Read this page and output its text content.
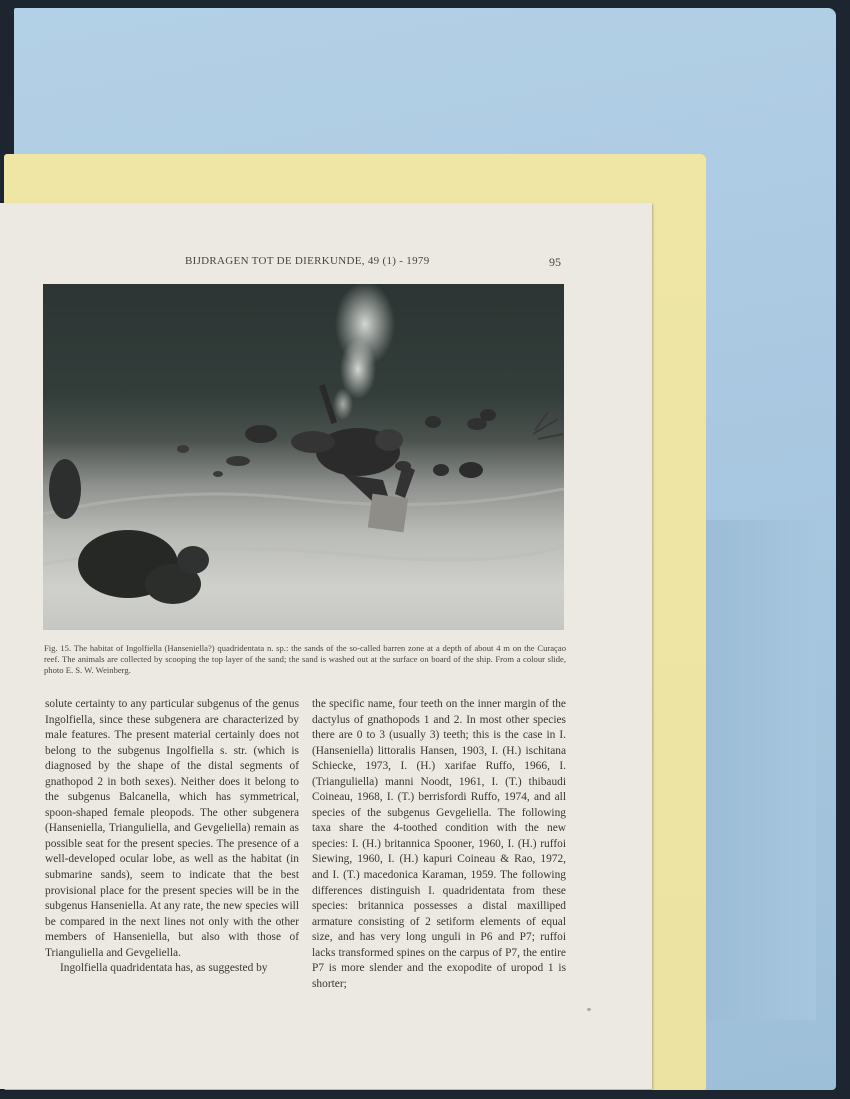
BIJDRAGEN TOT DE DIERKUNDE, 49 (1) - 1979	95
Fig. 15. The habitat of Ingolfiella (Hanseniella?) quadridentata n. sp.: the sands of the so-called barren zone at a depth of about 4 m on the Curaçao reef. The animals are collected by scooping the top layer of the sand; the sand is washed out at the surface on board of the ship. From a colour slide, photo E. S. W. Weinberg.

solute certainty to any particular subgenus of the genus Ingolfiella, since these subgenera are characterized by male features. The present material certainly does not belong to the subgenus Ingolfiella s. str. (which is diagnosed by the shape of the distal segments of gnathopod 2 in both sexes). Neither does it belong to the subgenus Balcanella, which has symmetrical, spoon-shaped female pleopods. The other subgenera (Hanseniella, Trianguliella, and Gevgeliella) remain as possible seat for the present species. The presence of a well-developed ocular lobe, as well as the habitat (in submarine sands), seem to indicate that the best provisional place for the present species will be in the subgenus Hanseniella. At any rate, the new species will be compared in the next lines not only with the other members of Hanseniella, but also with those of Trianguliella and Gevgeliella.

Ingolfiella quadridentata has, as suggested by

the specific name, four teeth on the inner margin of the dactylus of gnathopods 1 and 2. In most other species there are 0 to 3 (usually 3) teeth; this is the case in I. (Hanseniella) littoralis Hansen, 1903, I. (H.) ischitana Schiecke, 1973, I. (H.) xarifae Ruffo, 1966, I. (Trianguliella) manni Noodt, 1961, I. (T.) thibaudi Coineau, 1968, I. (T.) berrisfordi Ruffo, 1974, and all species of the subgenus Gevgeliella. The following taxa share the 4-toothed condition with the new species: I. (H.) britannica Spooner, 1960, I. (H.) ruffoi Siewing, 1960, I. (H.) kapuri Coineau & Rao, 1972, and I. (T.) macedonica Karaman, 1959. The following differences distinguish I. quadridentata from these species: britannica possesses a distal maxilliped armature consisting of 2 setiform elements of equal size, and has very long unguli in P6 and P7; ruffoi lacks transformed spines on the carpus of P7, the entire P7 is more slender and the exopodite of uropod 1 is shorter;
